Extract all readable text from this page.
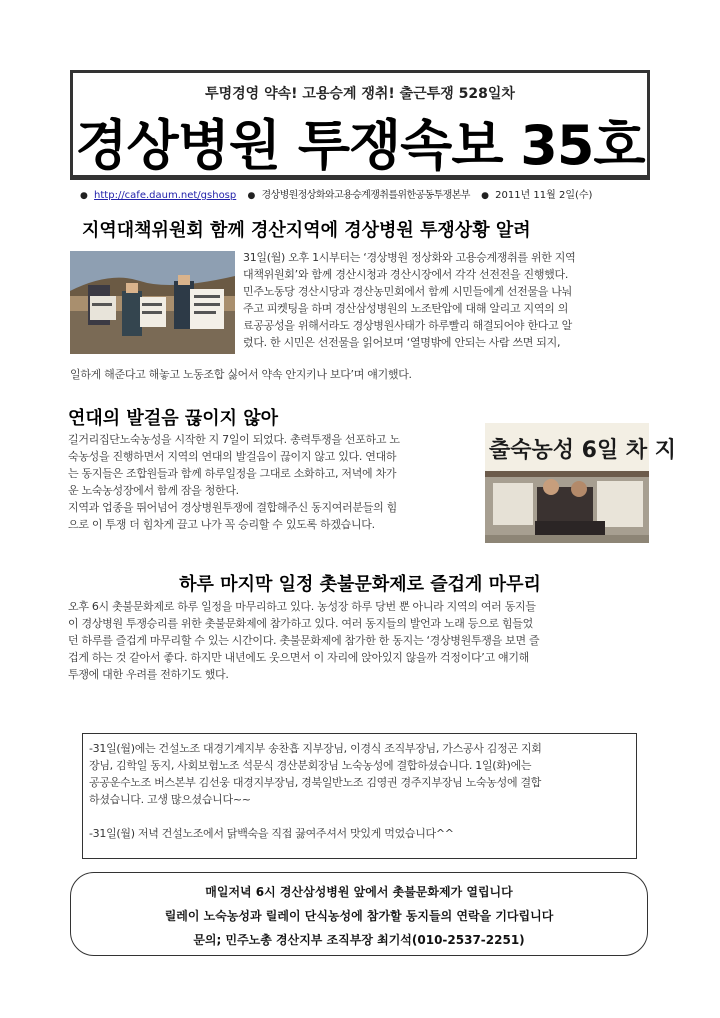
투명경영 약속! 고용승계 쟁취! 출근투쟁 528일차
경상병원 투쟁속보 35호
● http://cafe.daum.net/gshosp ● 경상병원정상화와고용승계쟁취를위한공동투쟁본부 ● 2011년 11월 2일(수)
지역대책위원회 함께 경산지역에 경상병원 투쟁상황 알려
31일(월) 오후 1시부터는 ‘경상병원 정상화와 고용승계쟁취를 위한 지역
대책위원회’와 함께 경산시청과 경산시장에서 각각 선전전을 진행했다.
민주노동당 경산시당과 경산농민회에서 함께 시민들에게 선전물을 나눠
주고 피켓팅을 하며 경산삼성병원의 노조탄압에 대해 알리고 지역의 의
료공공성을 위해서라도 경상병원사태가 하루빨리 해결되어야 한다고 알
렸다. 한 시민은 선전물을 읽어보며 ‘열명밖에 안되는 사람 쓰면 되지,
일하게 해준다고 해놓고 노동조합 싫어서 약속 안지키나 보다’며 얘기했다.
연대의 발걸음 끊이지 않아
길거리집단노숙농성을 시작한 지 7일이 되었다. 총력투쟁을 선포하고 노
숙농성을 진행하면서 지역의 연대의 발걸음이 끊이지 않고 있다. 연대하
는 동지들은 조합원들과 함께 하루일정을 그대로 소화하고, 저녁에 차가
운 노숙농성장에서 함께 잠을 청한다.
지역과 업종을 뛰어넘어 경상병원투쟁에 결합해주신 동지여러분들의 힘
으로 이 투쟁 더 힘차게 끌고 나가 꼭 승리할 수 있도록 하겠습니다.
출숙농성 6일 차 지
하루 마지막 일정 촛불문화제로 즐겁게 마무리
오후 6시 촛불문화제로 하루 일정을 마무리하고 있다. 농성장 하루 당번 뿐 아니라 지역의 여러 동지들
이 경상병원 투쟁승리를 위한 촛불문화제에 참가하고 있다. 여러 동지들의 발언과 노래 등으로 힘들었
던 하루를 즐겁게 마무리할 수 있는 시간이다. 촛불문화제에 참가한 한 동지는 ‘경상병원투쟁을 보면 즐
겁게 하는 것 같아서 좋다. 하지만 내년에도 웃으면서 이 자리에 앉아있지 않을까 걱정이다’고 얘기해
투쟁에 대한 우려를 전하기도 했다.
-31일(월)에는 건설노조 대경기계지부 송찬흡 지부장님, 이경식 조직부장님, 가스공사 김정곤 지회
장님, 김학일 동지, 사회보험노조 석문식 경산분회장님 노숙농성에 결합하셨습니다. 1일(화)에는
공공운수노조 버스본부 김선웅 대경지부장님, 경북일반노조 김영권 경주지부장님 노숙농성에 결합
하셨습니다. 고생 많으셨습니다~~
-31일(월) 저녁 건설노조에서 닭백숙을 직접 끓여주셔서 맛있게 먹었습니다^^
매일저녁 6시 경산삼성병원 앞에서 촛불문화제가 열립니다
릴레이 노숙농성과 릴레이 단식농성에 참가할 동지들의 연락을 기다립니다
문의; 민주노총 경산지부 조직부장 최기석(010-2537-2251)
